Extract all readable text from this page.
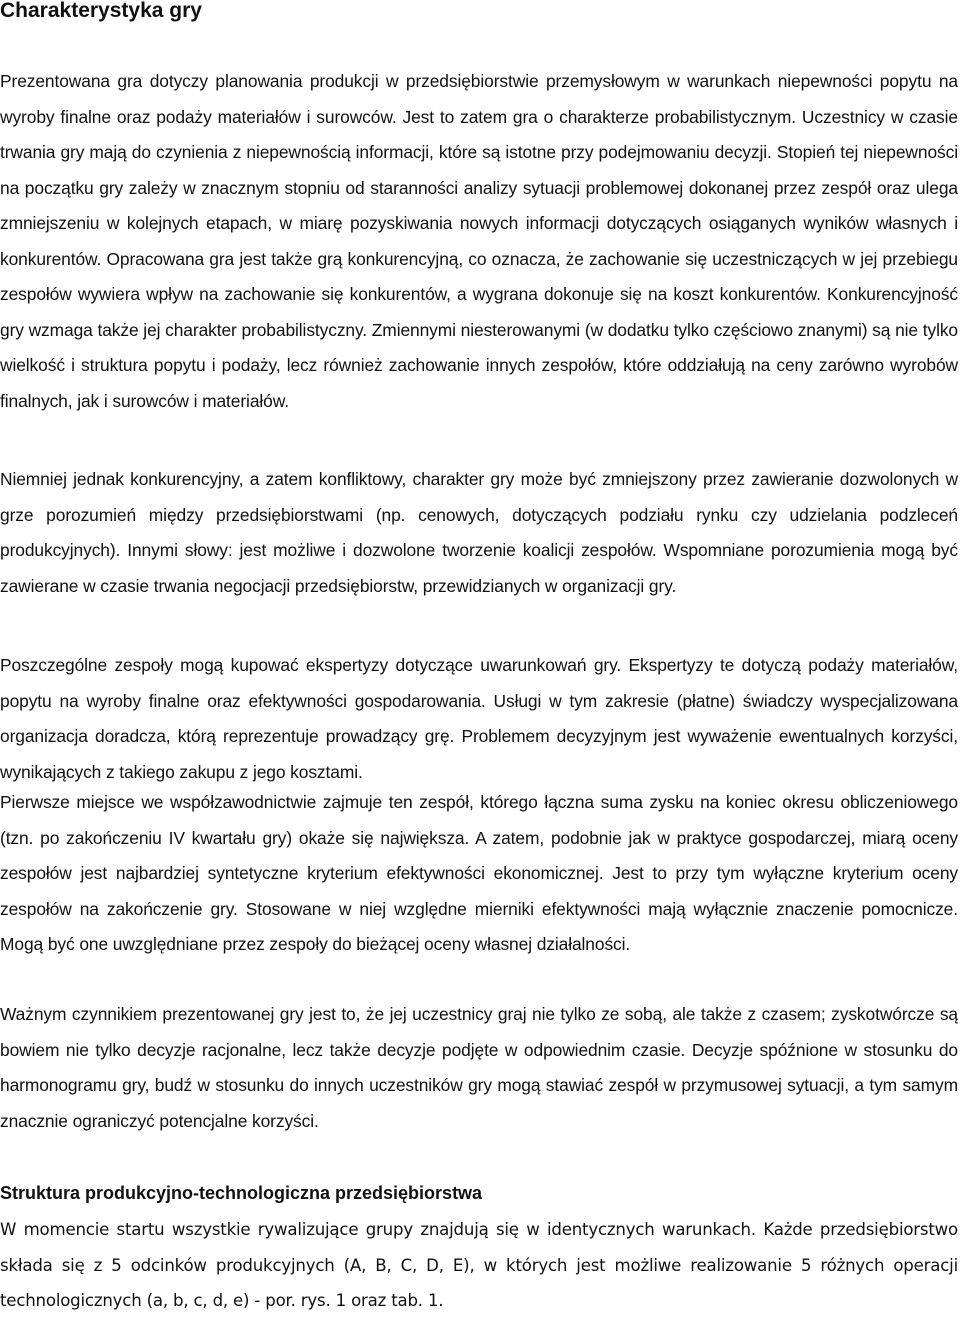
Charakterystyka gry

Prezentowana gra dotyczy planowania produkcji w przedsiębiorstwie przemysłowym w warunkach niepewności popytu na wyroby finalne oraz podaży materiałów i surowców. Jest to zatem gra o charakterze probabilistycznym. Uczestnicy w czasie trwania gry mają do czynienia z niepewnością informacji, które są istotne przy podejmowaniu decyzji. Stopień tej niepewności na początku gry zależy w znacznym stopniu od staranności analizy sytuacji problemowej dokonanej przez zespół oraz ulega zmniejszeniu w kolejnych etapach, w miarę pozyskiwania nowych informacji dotyczących osiąganych wyników własnych i konkurentów. Opracowana gra jest także grą konkurencyjną, co oznacza, że zachowanie się uczestniczących w jej przebiegu zespołów wywiera wpływ na zachowanie się konkurentów, a wygrana dokonuje się na koszt konkurentów. Konkurencyjność gry wzmaga także jej charakter probabilistyczny. Zmiennymi niesterowanymi (w dodatku tylko częściowo znanymi) są nie tylko wielkość i struktura popytu i podaży, lecz również zachowanie innych zespołów, które oddziałują na ceny zarówno wyrobów finalnych, jak i surowców i materiałów.

Niemniej jednak konkurencyjny, a zatem konfliktowy, charakter gry może być zmniejszony przez zawieranie dozwolonych w grze porozumień między przedsiębiorstwami (np. cenowych, dotyczących podziału rynku czy udzielania podzleceń produkcyjnych). Innymi słowy: jest możliwe i dozwolone tworzenie koalicji zespołów. Wspomniane porozumienia mogą być zawierane w czasie trwania negocjacji przedsiębiorstw, przewidzianych w organizacji gry.

Poszczególne zespoły mogą kupować ekspertyzy dotyczące uwarunkowań gry. Ekspertyzy te dotyczą podaży materiałów, popytu na wyroby finalne oraz efektywności gospodarowania. Usługi w tym zakresie (płatne) świadczy wyspecjalizowana organizacja doradcza, którą reprezentuje prowadzący grę. Problemem decyzyjnym jest wyważenie ewentualnych korzyści, wynikających z takiego zakupu z jego kosztami.

Pierwsze miejsce we współzawodnictwie zajmuje ten zespół, którego łączna suma zysku na koniec okresu obliczeniowego (tzn. po zakończeniu IV kwartału gry) okaże się największa. A zatem, podobnie jak w praktyce gospodarczej, miarą oceny zespołów jest najbardziej syntetyczne kryterium efektywności ekonomicznej. Jest to przy tym wyłączne kryterium oceny zespołów na zakończenie gry. Stosowane w niej względne mierniki efektywności mają wyłącznie znaczenie pomocnicze. Mogą być one uwzględniane przez zespoły do bieżącej oceny własnej działalności.

Ważnym czynnikiem prezentowanej gry jest to, że jej uczestnicy graj nie tylko ze sobą, ale także z czasem; zyskotwórcze są bowiem nie tylko decyzje racjonalne, lecz także decyzje podjęte w odpowiednim czasie. Decyzje spóźnione w stosunku do harmonogramu gry, budź w stosunku do innych uczestników gry mogą stawiać zespół w przymusowej sytuacji, a tym samym znacznie ograniczyć potencjalne korzyści.

Struktura produkcyjno-technologiczna przedsiębiorstwa

W momencie startu wszystkie rywalizujące grupy znajdują się w identycznych warunkach. Każde przedsiębiorstwo składa się z 5 odcinków produkcyjnych (A, B, C, D, E), w których jest możliwe realizowanie 5 różnych operacji technologicznych (a, b, c, d, e) - por. rys. 1 oraz tab. 1.
